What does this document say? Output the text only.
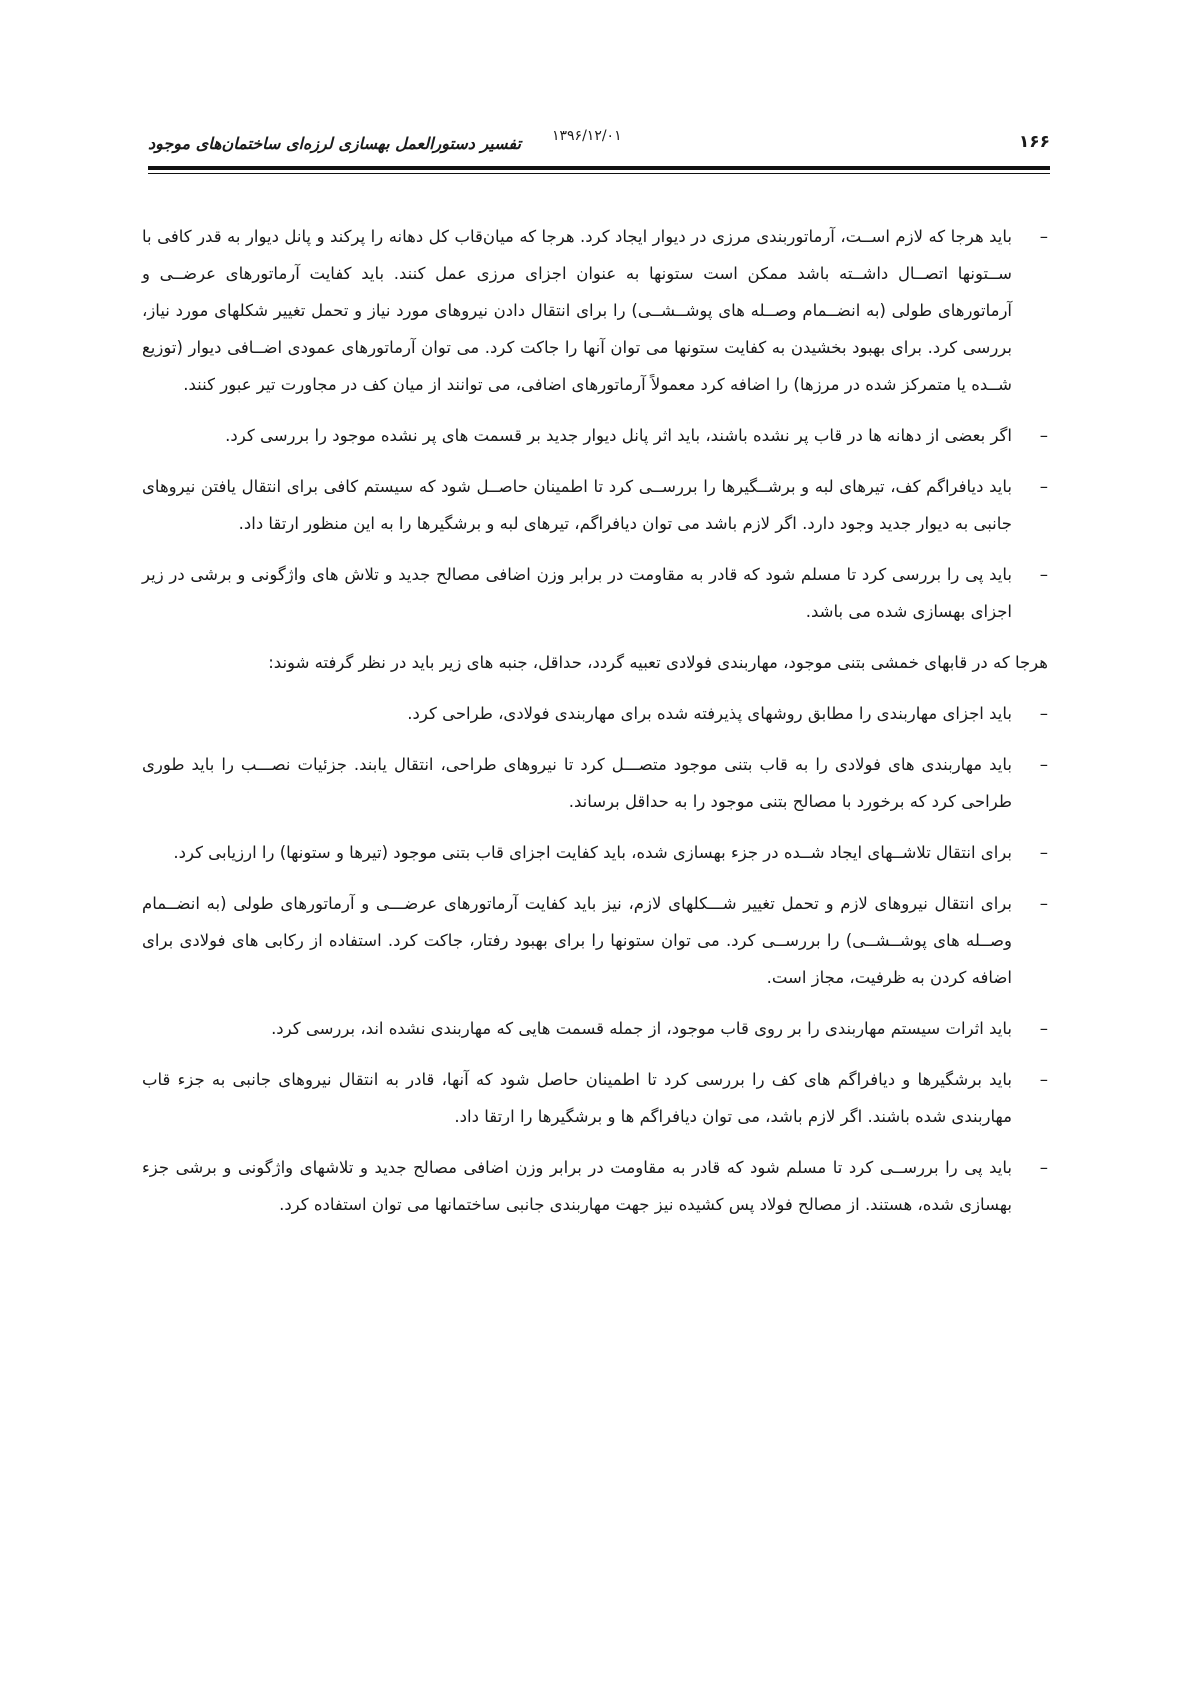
۱۶۶
۱۳۹۶/۱۲/۰۱
تفسیر دستورالعمل بهسازی لرزه‌ای ساختمان‌های موجود
–
باید هرجا که لازم اســت، آرماتوربندی مرزی در دیوار ایجاد کرد. هرجا که میان‌قاب کل دهانه را پرکند و پانل دیوار به قدر کافی با ســتونها اتصــال داشــته باشد ممکن است ستونها به عنوان اجزای مرزی عمل کنند. باید کفایت آرماتورهای عرضــی و آرماتورهای طولی (به انضــمام وصــله های پوشــشــی) را برای انتقال دادن نیروهای مورد نیاز و تحمل تغییر شکلهای مورد نیاز، بررسی کرد. برای بهبود بخشیدن به کفایت ستونها می توان آنها را جاکت کرد. می توان آرماتورهای عمودی اضــافی دیوار (توزیع شــده یا متمرکز شده در مرزها) را اضافه کرد معمولاً آرماتورهای اضافی، می توانند از میان کف در مجاورت تیر عبور کنند.
–
اگر بعضی از دهانه ها در قاب پر نشده باشند، باید اثر پانل دیوار جدید بر قسمت های پر نشده موجود را بررسی کرد.
–
باید دیافراگم کف، تیرهای لبه و برشــگیرها را بررســی کرد تا اطمینان حاصــل شود که سیستم کافی برای انتقال یافتن نیروهای جانبی به دیوار جدید وجود دارد. اگر لازم باشد می توان دیافراگم، تیرهای لبه و برشگیرها را به این منظور ارتقا داد.
–
باید پی را بررسی کرد تا مسلم شود که قادر به مقاومت در برابر وزن اضافی مصالح جدید و تلاش های واژگونی و برشی در زیر اجزای بهسازی شده می باشد.
هرجا که در قابهای خمشی بتنی موجود، مهاربندی فولادی تعبیه گردد، حداقل، جنبه های زیر باید در نظر گرفته شوند:
–
باید اجزای مهاربندی را مطابق روشهای پذیرفته شده برای مهاربندی فولادی، طراحی کرد.
–
باید مهاربندی های فولادی را به قاب بتنی موجود متصـــل کرد تا نیروهای طراحی، انتقال یابند. جزئیات نصـــب را باید طوری طراحی کرد که برخورد با مصالح بتنی موجود را به حداقل برساند.
–
برای انتقال تلاشــهای ایجاد شــده در جزء بهسازی شده، باید کفایت اجزای قاب بتنی موجود (تیرها و ستونها) را ارزیابی کرد.
–
برای انتقال نیروهای لازم و تحمل تغییر شـــکلهای لازم، نیز باید کفایت آرماتورهای عرضـــی و آرماتورهای طولی (به انضــمام وصــله های پوشــشــی) را بررســی کرد. می توان ستونها را برای بهبود رفتار، جاکت کرد. استفاده از رکابی های فولادی برای اضافه کردن به ظرفیت، مجاز است.
–
باید اثرات سیستم مهاربندی را بر روی قاب موجود، از جمله قسمت هایی که مهاربندی نشده اند، بررسی کرد.
–
باید برشگیرها و دیافراگم های کف را بررسی کرد تا اطمینان حاصل شود که آنها، قادر به انتقال نیروهای جانبی به جزء قاب مهاربندی شده باشند. اگر لازم باشد، می توان دیافراگم ها و برشگیرها را ارتقا داد.
–
باید پی را بررســی کرد تا مسلم شود که قادر به مقاومت در برابر وزن اضافی مصالح جدید و تلاشهای واژگونی و برشی جزء بهسازی شده، هستند. از مصالح فولاد پس کشیده نیز جهت مهاربندی جانبی ساختمانها می توان استفاده کرد.
